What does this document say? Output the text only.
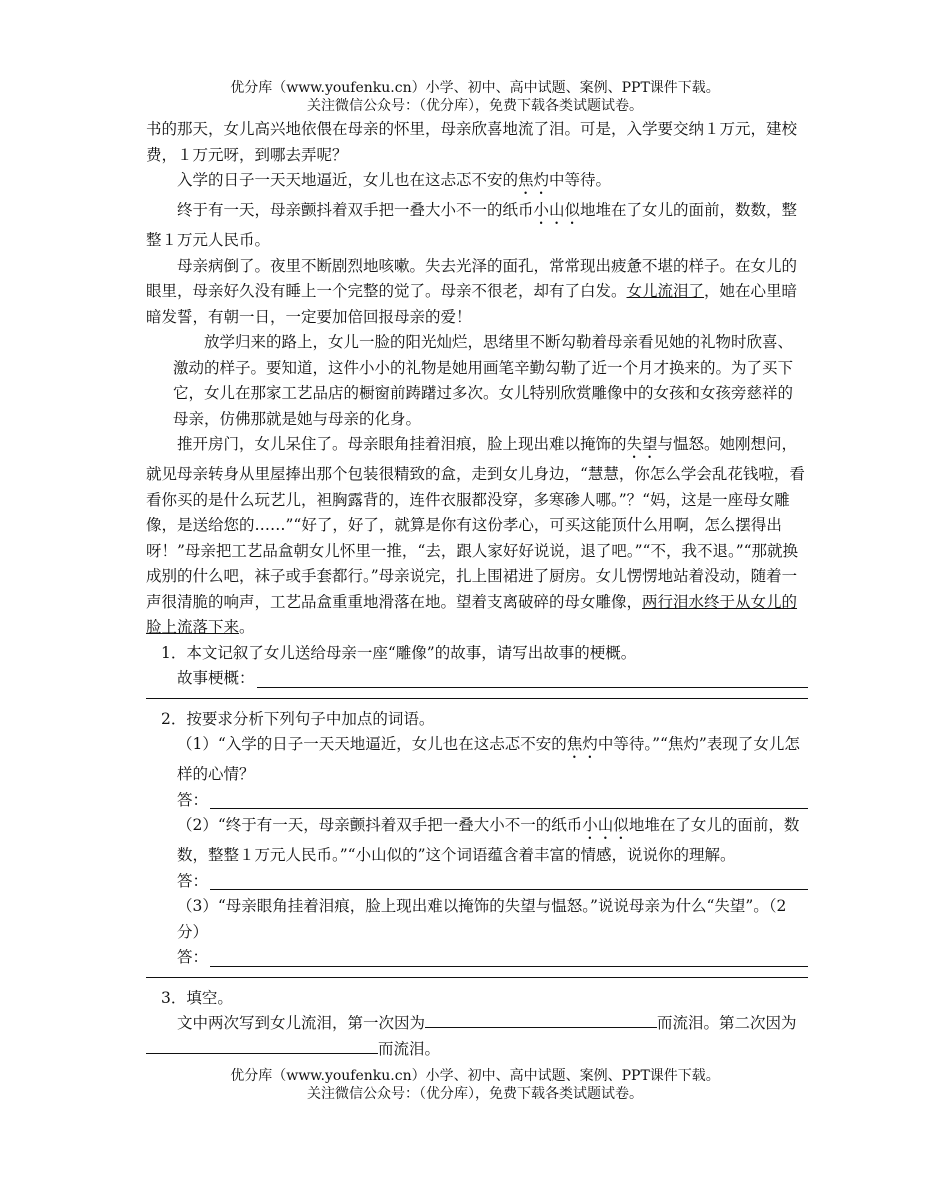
优分库（www.youfenku.cn）小学、初中、高中试题、案例、PPT课件下载。
关注微信公众号：（优分库），免费下载各类试题试卷。

书的那天，女儿高兴地依偎在母亲的怀里，母亲欣喜地流了泪。可是，入学要交纳１万元，建校费，１万元呀，到哪去弄呢？

入学的日子一天天地逼近，女儿也在这忐忑不安的焦灼中等待。

终于有一天，母亲颤抖着双手把一叠大小不一的纸币小山似地堆在了女儿的面前，数数，整整１万元人民币。

母亲病倒了。夜里不断剧烈地咳嗽。失去光泽的面孔，常常现出疲惫不堪的样子。在女儿的眼里，母亲好久没有睡上一个完整的觉了。母亲不很老，却有了白发。女儿流泪了，她在心里暗暗发誓，有朝一日，一定要加倍回报母亲的爱！

放学归来的路上，女儿一脸的阳光灿烂，思绪里不断勾勒着母亲看见她的礼物时欣喜、激动的样子。要知道，这件小小的礼物是她用画笔辛勤勾勒了近一个月才换来的。为了买下它，女儿在那家工艺品店的橱窗前踌躇过多次。女儿特别欣赏雕像中的女孩和女孩旁慈祥的母亲，仿佛那就是她与母亲的化身。

推开房门，女儿呆住了。母亲眼角挂着泪痕，脸上现出难以掩饰的失望与愠怒。她刚想问，就见母亲转身从里屋捧出那个包装很精致的盒，走到女儿身边，“慧慧，你怎么学会乱花钱啦，看看你买的是什么玩艺儿，袒胸露背的，连件衣服都没穿，多寒碜人哪。”？“妈，这是一座母女雕像，是送给您的……”“好了，好了，就算是你有这份孝心，可买这能顶什么用啊，怎么摆得出呀！”母亲把工艺品盒朝女儿怀里一推，“去，跟人家好好说说，退了吧。”“不，我不退。”“那就换成别的什么吧，袜子或手套都行。”母亲说完，扎上围裙进了厨房。女儿愣愣地站着没动，随着一声很清脆的响声，工艺品盒重重地滑落在地。望着支离破碎的母女雕像，两行泪水终于从女儿的脸上流落下来。

1．本文记叙了女儿送给母亲一座“雕像”的故事，请写出故事的梗概。

故事梗概：

2．按要求分析下列句子中加点的词语。

（1）“入学的日子一天天地逼近，女儿也在这忐忑不安的焦灼中等待。”“焦灼”表现了女儿怎样的心情？

答：

（2）“终于有一天，母亲颤抖着双手把一叠大小不一的纸币小山似地堆在了女儿的面前，数数，整整１万元人民币。”“小山似的”这个词语蕴含着丰富的情感，说说你的理解。

答：

（3）“母亲眼角挂着泪痕，脸上现出难以掩饰的失望与愠怒。”说说母亲为什么“失望”。（2分）

答：

3．填空。

文中两次写到女儿流泪，第一次因为	而流泪。第二次因为而流泪。

优分库（www.youfenku.cn）小学、初中、高中试题、案例、PPT课件下载。
关注微信公众号：（优分库），免费下载各类试题试卷。
